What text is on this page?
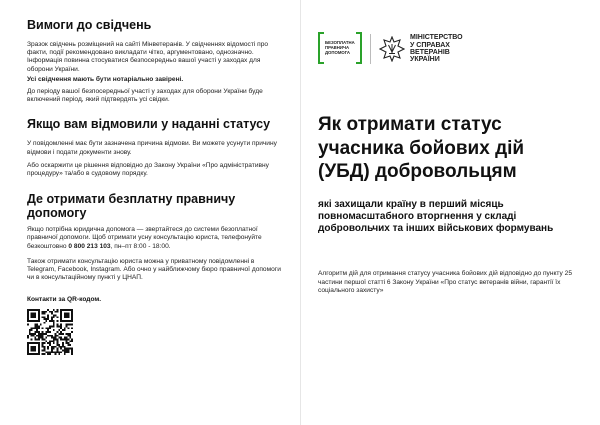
Вимоги до свідчень

Зразок свідчень розміщений на сайті Мінветеранів. У свідченнях відомості про факти, події рекомендовано викладати чітко, аргументовано, однозначно. Інформація повинна стосуватися безпосередньо вашої участі у заходах для оборони України.

Усі свідчення мають бути нотаріально завірені.

До періоду вашої безпосередньої участі у заходах для оборони України буде включений період, який підтвердять усі свідки.

Якщо вам відмовили у наданні статусу

У повідомленні має бути зазначена причина відмови. Ви можете усунути причину відмови і подати документи знову.

Або оскаржити це рішення відповідно до Закону України «Про адміністративну процедуру» та/або в судовому порядку.

Де отримати безплатну правничу допомогу

Якщо потрібна юридична допомога — звертайтеся до системи безоплатної правничої допомоги. Щоб отримати усну консультацію юриста, телефонуйте безкоштовно 0 800 213 103, пн–пт 8:00 - 18:00.

Також отримати консультацію юриста можна у приватному повідомленні в Telegram, Facebook, Instagram. Або очно у найближчому бюро правничої допомоги чи в консультаційному пункті у ЦНАП.

Контакти за QR-кодом.
БЕЗОПЛАТНА ПРАВНИЧА ДОПОМОГА
МІНІСТЕРСТВО
У СПРАВАХ
ВЕТЕРАНІВ
УКРАЇНИ
Як отримати статус учасника бойових дій (УБД) добровольцям
які захищали країну в перший місяць повномасштабного вторгнення у складі добровольчих та інших військових формувань
Алгоритм дій для отримання статусу учасника бойових дій відповідно до пункту 25 частини першої статті 6 Закону України «Про статус ветеранів війни, гарантії їх соціального захисту»
